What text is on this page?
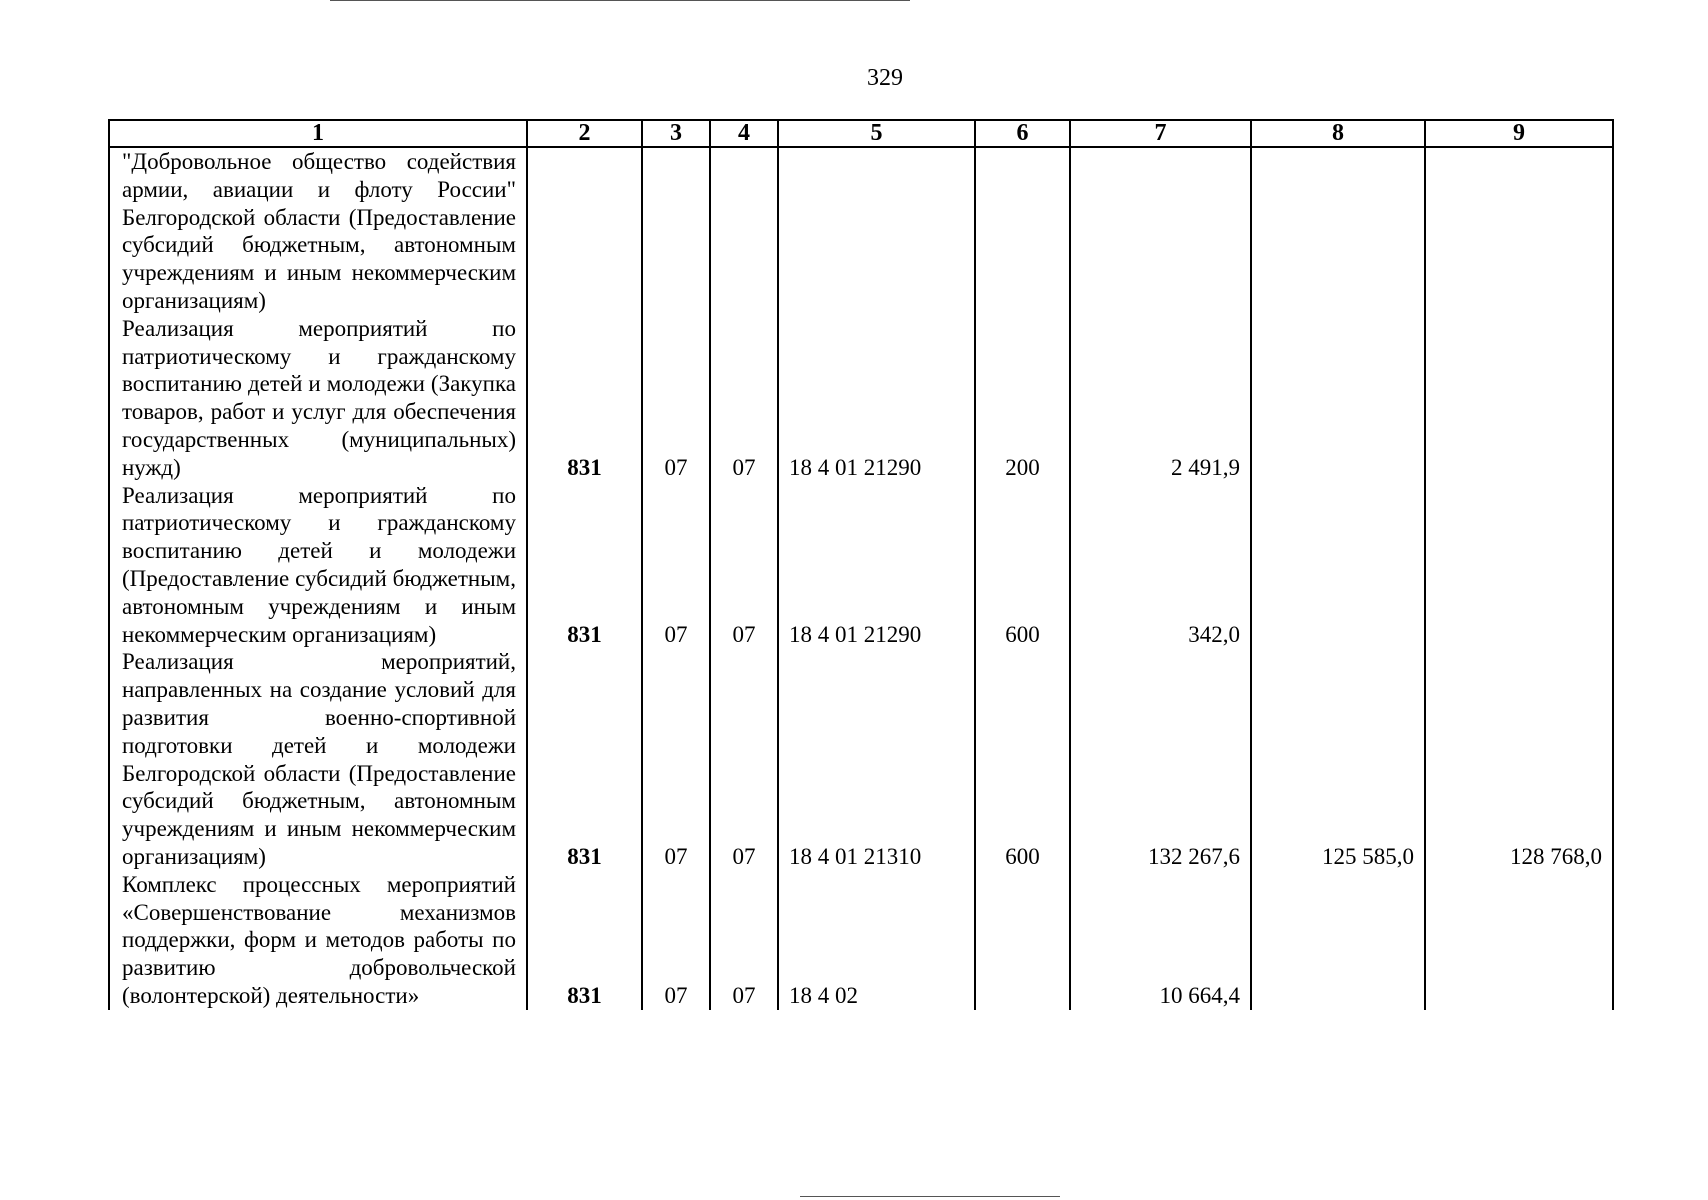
329
1	2	3	4	5	6	7	8	9
"Добровольное общество содействия армии, авиации и флоту России" Белгородской области (Предоставление субсидий бюджетным, автономным учреждениям и иным некоммерческим организациям)								
Реализация мероприятий по патриотическому и гражданскому воспитанию детей и молодежи (Закупка товаров, работ и услуг для обеспечения государственных (муниципальных) нужд)	831	07	07	18 4 01 21290	200	2 491,9		
Реализация мероприятий по патриотическому и гражданскому воспитанию детей и молодежи (Предоставление субсидий бюджетным, автономным учреждениям и иным некоммерческим организациям)	831	07	07	18 4 01 21290	600	342,0		
Реализация мероприятий, направленных на создание условий для развития военно-спортивной подготовки детей и молодежи Белгородской области (Предоставление субсидий бюджетным, автономным учреждениям и иным некоммерческим организациям)	831	07	07	18 4 01 21310	600	132 267,6	125 585,0	128 768,0
Комплекс процессных мероприятий «Совершенствование механизмов поддержки, форм и методов работы по развитию добровольческой (волонтерской) деятельности»	831	07	07	18 4 02		10 664,4		
